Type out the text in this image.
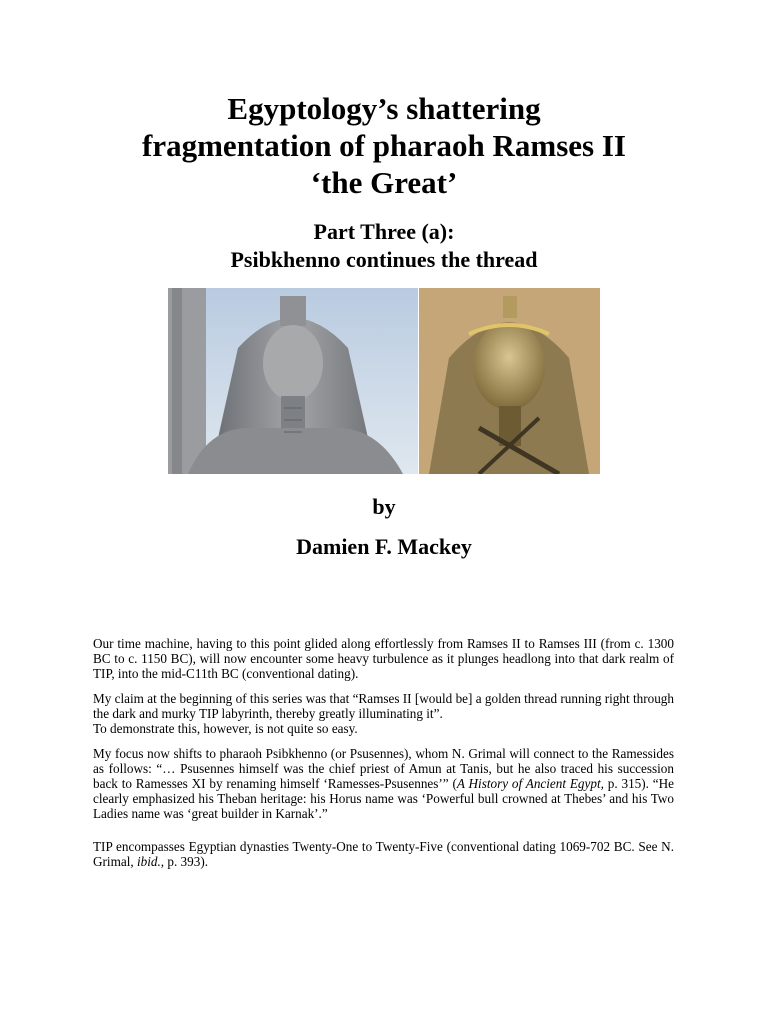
Egyptology’s shattering
fragmentation of pharaoh Ramses II
‘the Great’
Part Three (a):
Psibkhenno continues the thread
by
Damien F. Mackey

Our time machine, having to this point glided along effortlessly from Ramses II to Ramses III (from c. 1300 BC to c. 1150 BC), will now encounter some heavy turbulence as it plunges headlong into that dark realm of TIP, into the mid-C11th BC (conventional dating).

My claim at the beginning of this series was that “Ramses II [would be] a golden thread running right through the dark and murky TIP labyrinth, thereby greatly illuminating it”.
To demonstrate this, however, is not quite so easy.

My focus now shifts to pharaoh Psibkhenno (or Psusennes), whom N. Grimal will connect to the Ramessides as follows: “… Psusennes himself was the chief priest of Amun at Tanis, but he also traced his succession back to Ramesses XI by renaming himself ‘Ramesses-Psusennes’” (A History of Ancient Egypt, p. 315). “He clearly emphasized his Theban heritage: his Horus name was ‘Powerful bull crowned at Thebes’ and his Two Ladies name was ‘great builder in Karnak’.”

TIP encompasses Egyptian dynasties Twenty-One to Twenty-Five (conventional dating 1069-702 BC. See N. Grimal, ibid., p. 393).
